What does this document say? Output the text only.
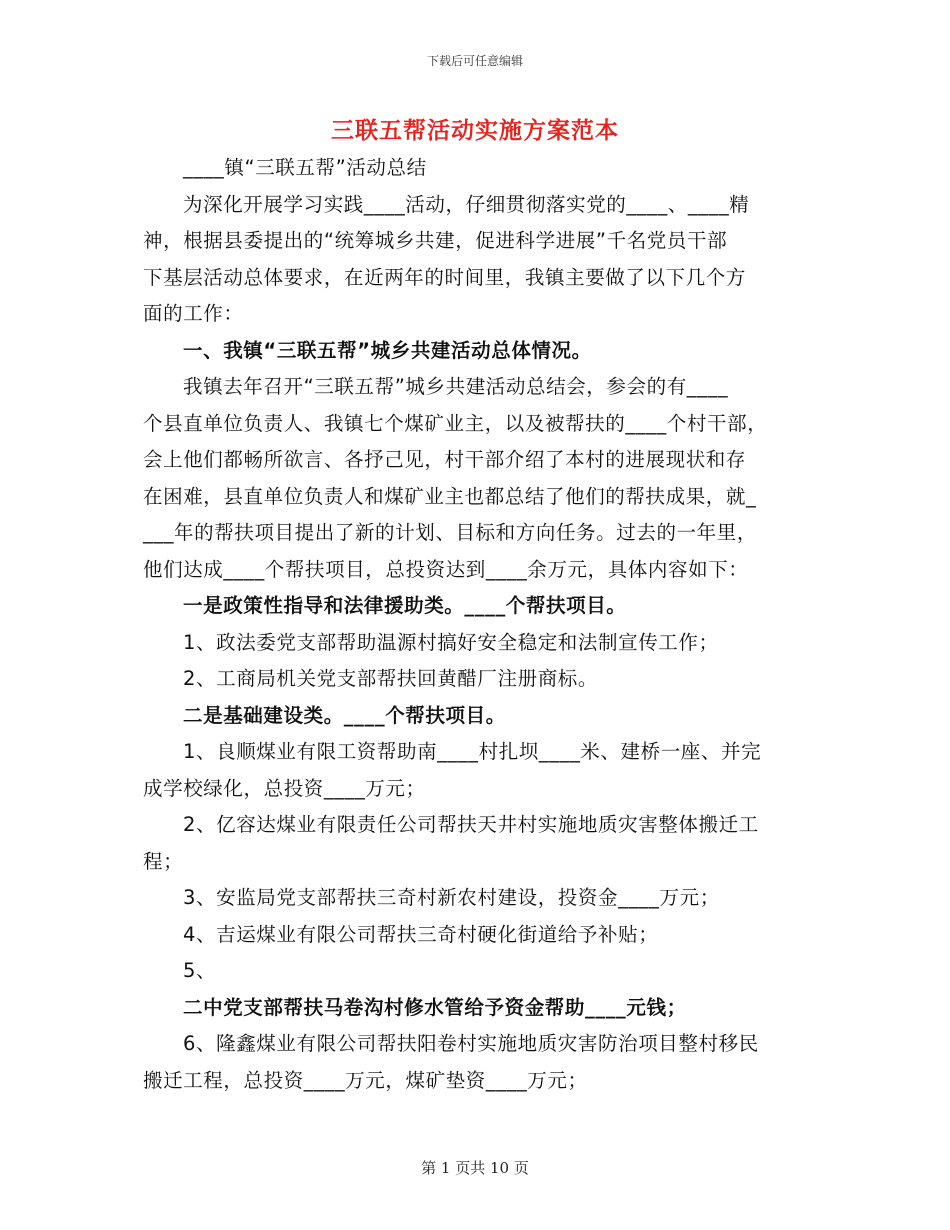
下载后可任意编辑
三联五帮活动实施方案范本
____镇“三联五帮”活动总结
为深化开展学习实践____活动，仔细贯彻落实党的____、____精
神，根据县委提出的“统筹城乡共建，促进科学进展”千名党员干部
下基层活动总体要求，在近两年的时间里，我镇主要做了以下几个方
面的工作：
一、我镇“三联五帮”城乡共建活动总体情况。
我镇去年召开“三联五帮”城乡共建活动总结会，参会的有____
个县直单位负责人、我镇七个煤矿业主，以及被帮扶的____个村干部，
会上他们都畅所欲言、各抒己见，村干部介绍了本村的进展现状和存
在困难，县直单位负责人和煤矿业主也都总结了他们的帮扶成果，就_
___年的帮扶项目提出了新的计划、目标和方向任务。过去的一年里，
他们达成____个帮扶项目，总投资达到____余万元，具体内容如下：
一是政策性指导和法律援助类。____个帮扶项目。
1、政法委党支部帮助温源村搞好安全稳定和法制宣传工作；
2、工商局机关党支部帮扶回黄醋厂注册商标。
二是基础建设类。____个帮扶项目。
1、良顺煤业有限工资帮助南____村扎坝____米、建桥一座、并完
成学校绿化，总投资____万元；
2、亿容达煤业有限责任公司帮扶天井村实施地质灾害整体搬迁工
程；
3、安监局党支部帮扶三奇村新农村建设，投资金____万元；
4、吉运煤业有限公司帮扶三奇村硬化街道给予补贴；
5、
二中党支部帮扶马卷沟村修水管给予资金帮助____元钱；
6、隆鑫煤业有限公司帮扶阳卷村实施地质灾害防治项目整村移民
搬迁工程，总投资____万元，煤矿垫资____万元；
第 1 页共 10 页
